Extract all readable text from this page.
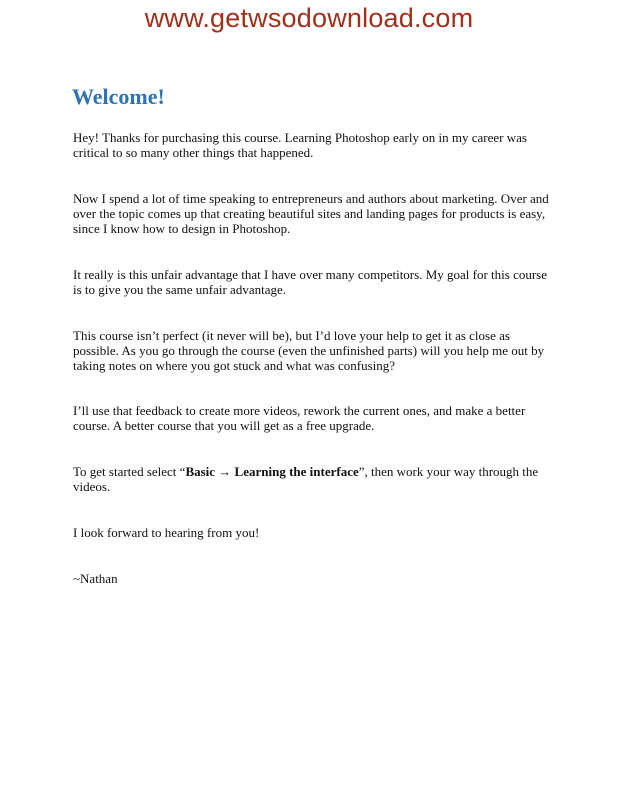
www.getwsodownload.com
Welcome!

Hey! Thanks for purchasing this course. Learning Photoshop early on in my career was critical to so many other things that happened.

Now I spend a lot of time speaking to entrepreneurs and authors about marketing. Over and over the topic comes up that creating beautiful sites and landing pages for products is easy, since I know how to design in Photoshop.

It really is this unfair advantage that I have over many competitors. My goal for this course is to give you the same unfair advantage.

This course isn’t perfect (it never will be), but I’d love your help to get it as close as possible. As you go through the course (even the unfinished parts) will you help me out by taking notes on where you got stuck and what was confusing?

I’ll use that feedback to create more videos, rework the current ones, and make a better course. A better course that you will get as a free upgrade.

To get started select “Basic → Learning the interface”, then work your way through the videos.

I look forward to hearing from you!

~Nathan
